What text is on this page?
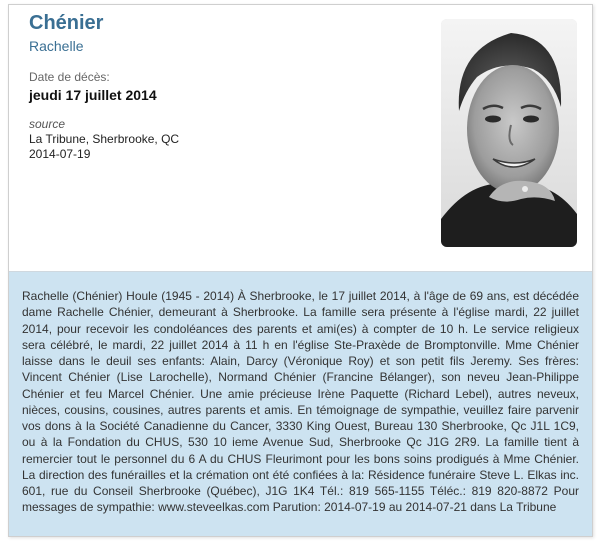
Chénier
Rachelle
Date de décès:
jeudi 17 juillet 2014
source
La Tribune, Sherbrooke, QC
2014-07-19

Rachelle (Chénier) Houle (1945 - 2014) À Sherbrooke, le 17 juillet 2014, à l'âge de 69 ans, est décédée dame Rachelle Chénier, demeurant à Sherbrooke. La famille sera présente à l'église mardi, 22 juillet 2014, pour recevoir les condoléances des parents et ami(es) à compter de 10 h. Le service religieux sera célébré, le mardi, 22 juillet 2014 à 11 h en l'église Ste-Praxède de Bromptonville. Mme Chénier laisse dans le deuil ses enfants: Alain, Darcy (Véronique Roy) et son petit fils Jeremy. Ses frères: Vincent Chénier (Lise Larochelle), Normand Chénier (Francine Bélanger), son neveu Jean-Philippe Chénier et feu Marcel Chénier. Une amie précieuse Irène Paquette (Richard Lebel), autres neveux, nièces, cousins, cousines, autres parents et amis. En témoignage de sympathie, veuillez faire parvenir vos dons à la Société Canadienne du Cancer, 3330 King Ouest, Bureau 130 Sherbrooke, Qc J1L 1C9, ou à la Fondation du CHUS, 530 10 ieme Avenue Sud, Sherbrooke Qc J1G 2R9. La famille tient à remercier tout le personnel du 6 A du CHUS Fleurimont pour les bons soins prodigués à Mme Chénier. La direction des funérailles et la crémation ont été confiées à la: Résidence funéraire Steve L. Elkas inc. 601, rue du Conseil Sherbrooke (Québec), J1G 1K4 Tél.: 819 565-1155 Téléc.: 819 820-8872 Pour messages de sympathie: www.steveelkas.com Parution: 2014-07-19 au 2014-07-21 dans La Tribune
